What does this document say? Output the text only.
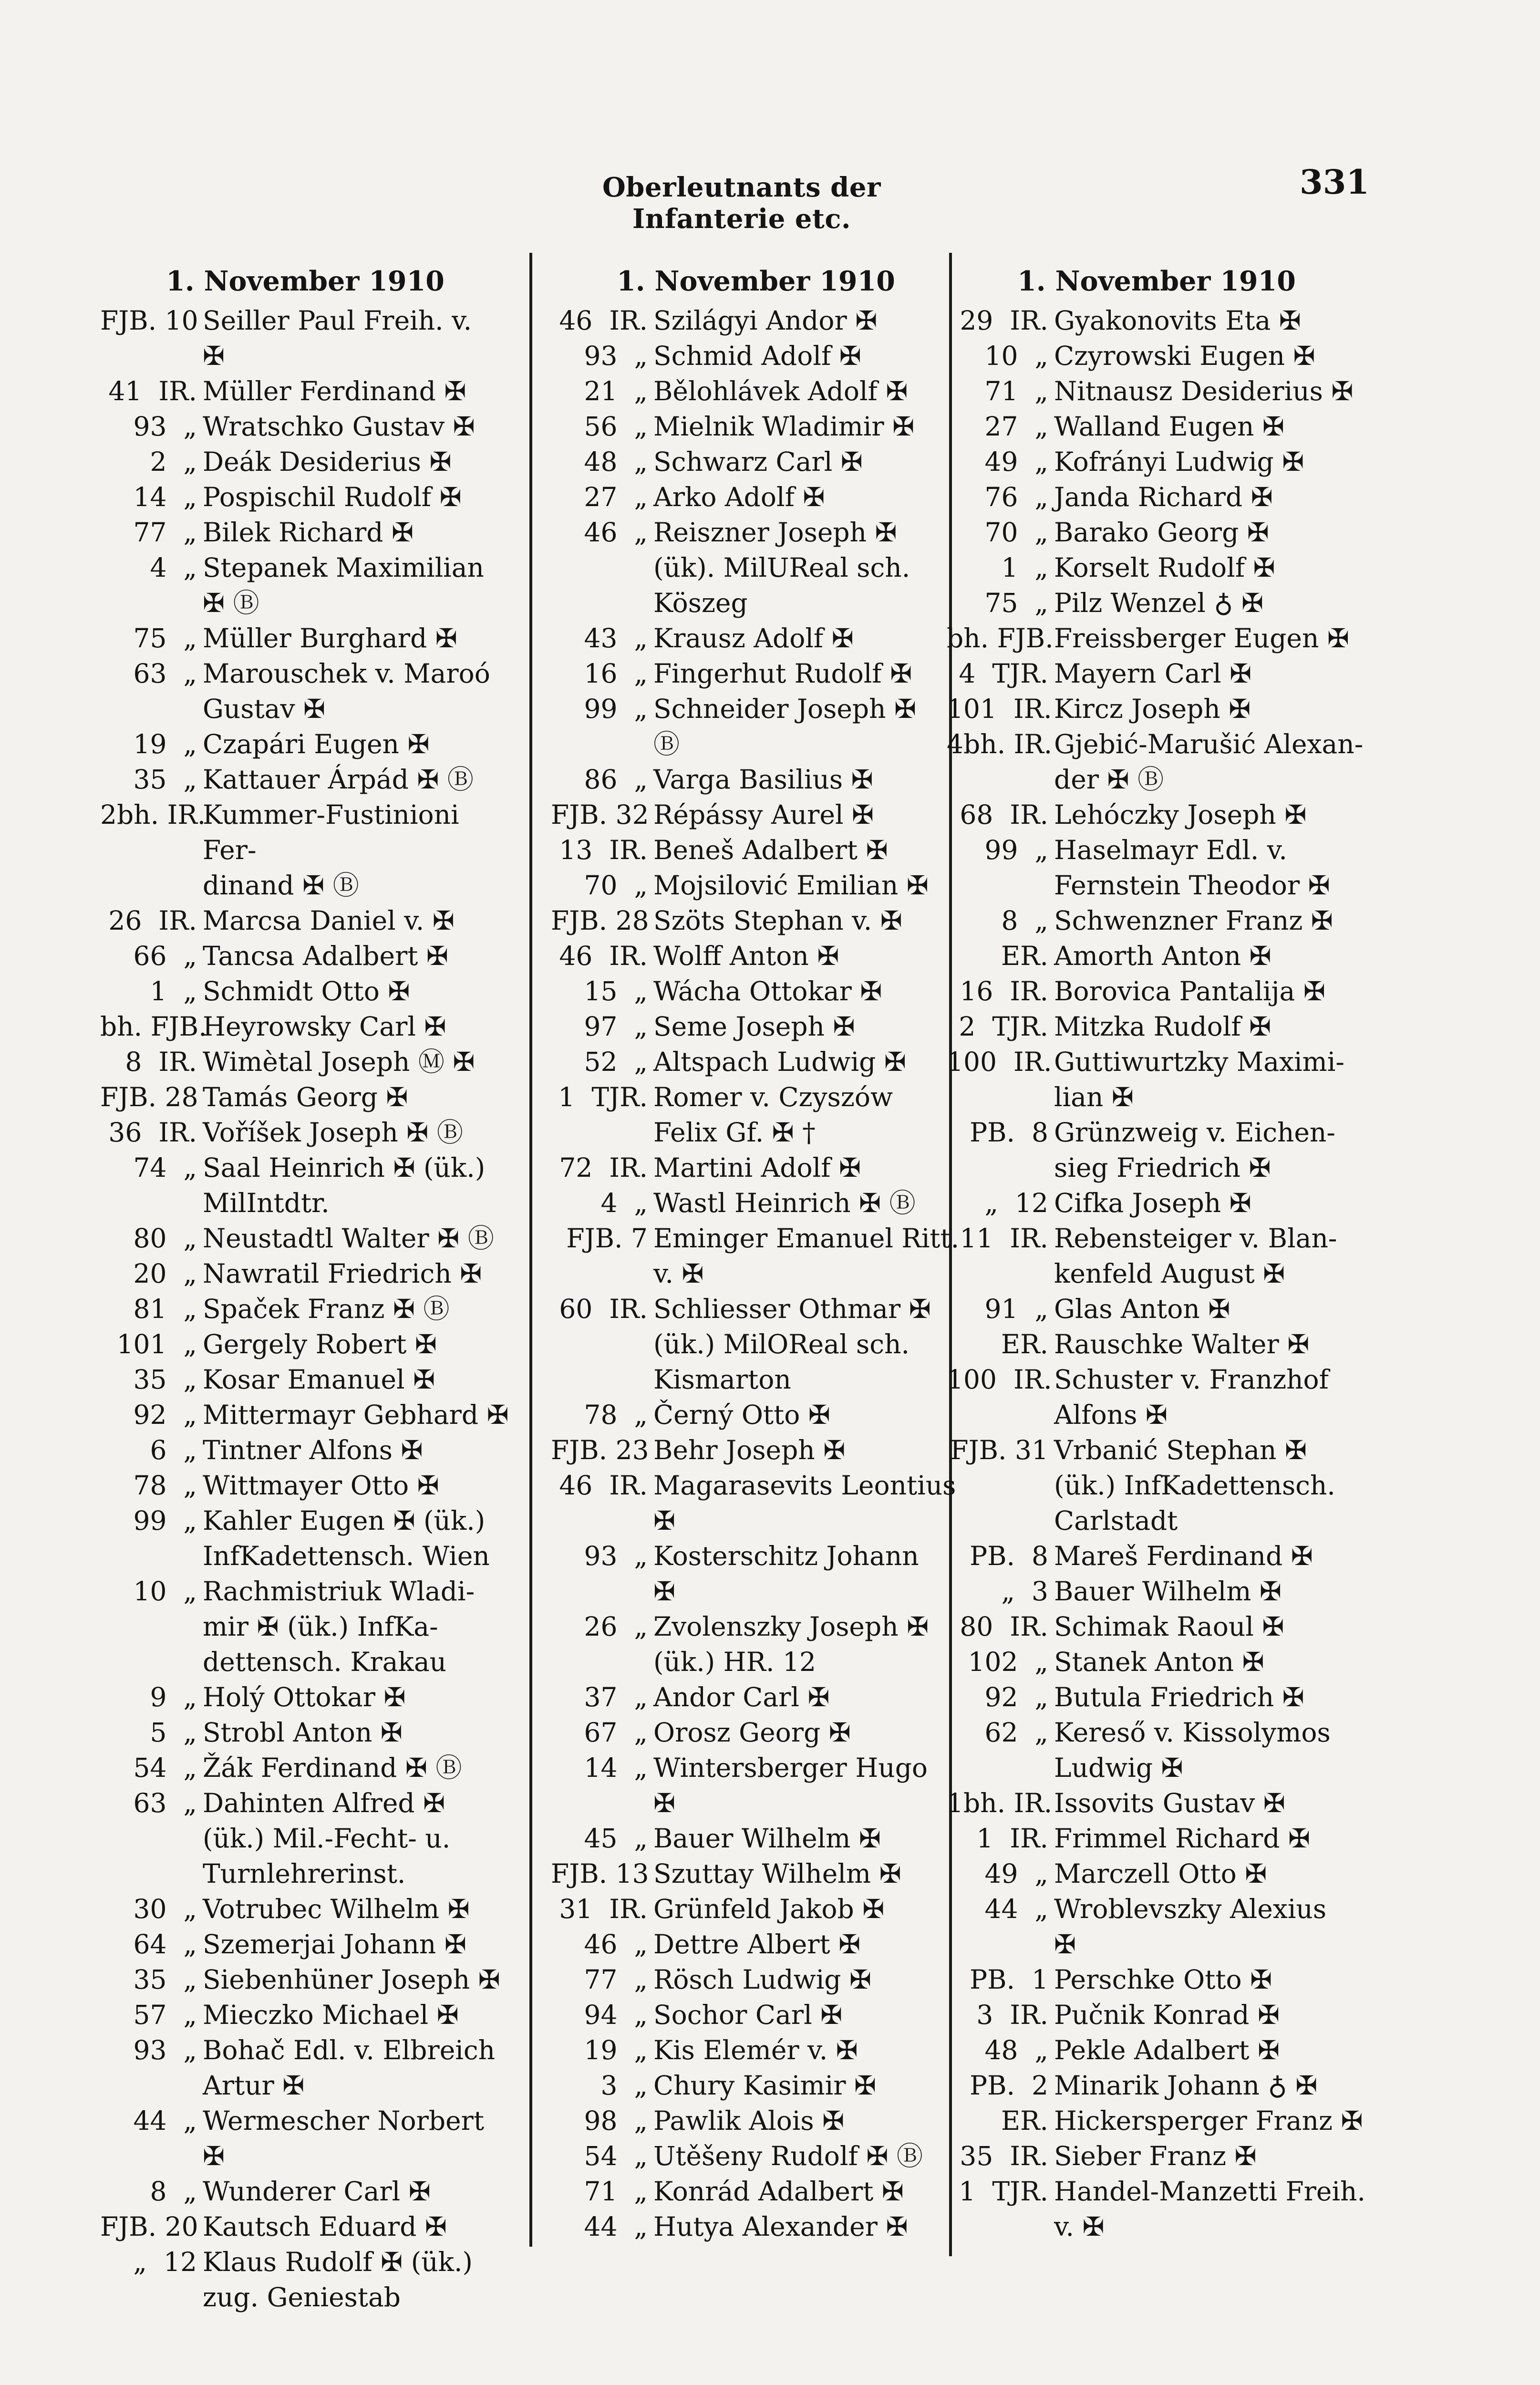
Oberleutnants der Infanterie etc.
331
1. November 1910
FJB. 10 Seiller Paul Freih. v.
✠
41  IR. Müller Ferdinand ✠
93  „ Wratschko Gustav ✠
2  „ Deák Desiderius ✠
14  „ Pospischil Rudolf ✠
77  „ Bilek Richard ✠
4  „ Stepanek Maximilian
✠ Ⓑ
75  „ Müller Burghard ✠
63  „ Marouschek v. Maroó
Gustav ✠
19  „ Czapári Eugen ✠
35  „ Kattauer Árpád ✠ Ⓑ
2bh. IR.
Kummer-Fustinioni Fer-
dinand ✠ Ⓑ
26  IR. Marcsa Daniel v. ✠
66  „ Tancsa Adalbert ✠
1  „ Schmidt Otto ✠
bh. FJB.
Heyrowsky Carl ✠
8  IR. Wimètal Joseph Ⓜ ✠
FJB. 28 Tamás Georg ✠
36  IR. Voříšek Joseph ✠ Ⓑ
74  „ Saal Heinrich ✠ (ük.)
MilIntdtr.
80  „ Neustadtl Walter ✠ Ⓑ
20  „ Nawratil Friedrich ✠
81  „ Spaček Franz ✠ Ⓑ
101  „ Gergely Robert ✠
35  „ Kosar Emanuel ✠
92  „ Mittermayr Gebhard ✠
6  „ Tintner Alfons ✠
78  „ Wittmayer Otto ✠
99  „ Kahler Eugen ✠ (ük.)
InfKadettensch. Wien
10  „ Rachmistriuk Wladi-
mir ✠ (ük.) InfKa-
dettensch. Krakau
9  „ Holý Ottokar ✠
5  „ Strobl Anton ✠
54  „ Žák Ferdinand ✠ Ⓑ
63  „ Dahinten Alfred ✠
(ük.) Mil.-Fecht- u.
Turnlehrerinst.
30  „ Votrubec Wilhelm ✠
64  „ Szemerjai Johann ✠
35  „ Siebenhüner Joseph ✠
57  „ Mieczko Michael ✠
93  „ Bohač Edl. v. Elbreich
Artur ✠
44  „ Wermescher Norbert ✠
8  „ Wunderer Carl ✠
FJB. 20 Kautsch Eduard ✠
„  12 Klaus Rudolf ✠ (ük.)
zug. Geniestab
1. November 1910
46  IR. Szilágyi Andor ✠
93  „ Schmid Adolf ✠
21  „ Bělohlávek Adolf ✠
56  „ Mielnik Wladimir ✠
48  „ Schwarz Carl ✠
27  „ Arko Adolf ✠
46  „ Reiszner Joseph ✠
(ük). MilUReal sch.
Köszeg
43  „ Krausz Adolf ✠
16  „ Fingerhut Rudolf ✠
99  „ Schneider Joseph ✠
Ⓑ
86  „ Varga Basilius ✠
FJB. 32 Répássy Aurel ✠
13  IR. Beneš Adalbert ✠
70  „ Mojsilović Emilian ✠
FJB. 28 Szöts Stephan v. ✠
46  IR. Wolff Anton ✠
15  „ Wácha Ottokar ✠
97  „ Seme Joseph ✠
52  „ Altspach Ludwig ✠
1  TJR. Romer v. Czyszów
Felix Gf. ✠ †
72  IR. Martini Adolf ✠
4  „ Wastl Heinrich ✠ Ⓑ
FJB. 7 Eminger Emanuel Ritt.
v. ✠
60  IR. Schliesser Othmar ✠
(ük.) MilOReal sch.
Kismarton
78  „ Černý Otto ✠
FJB. 23 Behr Joseph ✠
46  IR. Magarasevits Leontius
✠
93  „ Kosterschitz Johann
✠
26  „ Zvolenszky Joseph ✠
(ük.) HR. 12
37  „ Andor Carl ✠
67  „ Orosz Georg ✠
14  „ Wintersberger Hugo
✠
45  „ Bauer Wilhelm ✠
FJB. 13 Szuttay Wilhelm ✠
31  IR. Grünfeld Jakob ✠
46  „ Dettre Albert ✠
77  „ Rösch Ludwig ✠
94  „ Sochor Carl ✠
19  „ Kis Elemér v. ✠
3  „ Chury Kasimir ✠
98  „ Pawlik Alois ✠
54  „ Utěšeny Rudolf ✠ Ⓑ
71  „ Konrád Adalbert ✠
44  „ Hutya Alexander ✠
1. November 1910
29  IR. Gyakonovits Eta ✠
10  „ Czyrowski Eugen ✠
71  „ Nitnausz Desiderius ✠
27  „ Walland Eugen ✠
49  „ Kofrányi Ludwig ✠
76  „ Janda Richard ✠
70  „ Barako Georg ✠
1  „ Korselt Rudolf ✠
75  „ Pilz Wenzel ♁ ✠
bh. FJB. Freissberger Eugen ✠
4  TJR. Mayern Carl ✠
101  IR. Kircz Joseph ✠
4bh. IR. Gjebić-Marušić Alexan-
der ✠ Ⓑ
68  IR. Lehóczky Joseph ✠
99  „ Haselmayr Edl. v.
Fernstein Theodor ✠
8  „ Schwenzner Franz ✠
ER. Amorth Anton ✠
16  IR. Borovica Pantalija ✠
2  TJR. Mitzka Rudolf ✠
100  IR. Guttiwurtzky Maximi-
lian ✠
PB.  8 Grünzweig v. Eichen-
sieg Friedrich ✠
„  12 Cifka Joseph ✠
11  IR. Rebensteiger v. Blan-
kenfeld August ✠
91  „ Glas Anton ✠
ER. Rauschke Walter ✠
100  IR. Schuster v. Franzhof
Alfons ✠
FJB. 31 Vrbanić Stephan ✠
(ük.) InfKadettensch.
Carlstadt
PB.  8 Mareš Ferdinand ✠
„  3 Bauer Wilhelm ✠
80  IR. Schimak Raoul ✠
102  „ Stanek Anton ✠
92  „ Butula Friedrich ✠
62  „ Kereső v. Kissolymos
Ludwig ✠
1bh. IR. Issovits Gustav ✠
1  IR. Frimmel Richard ✠
49  „ Marczell Otto ✠
44  „ Wroblevszky Alexius
✠
PB.  1 Perschke Otto ✠
3  IR. Pučnik Konrad ✠
48  „ Pekle Adalbert ✠
PB.  2 Minarik Johann ♁ ✠
ER. Hickersperger Franz ✠
35  IR. Sieber Franz ✠
1  TJR. Handel-Manzetti Freih.
v. ✠
